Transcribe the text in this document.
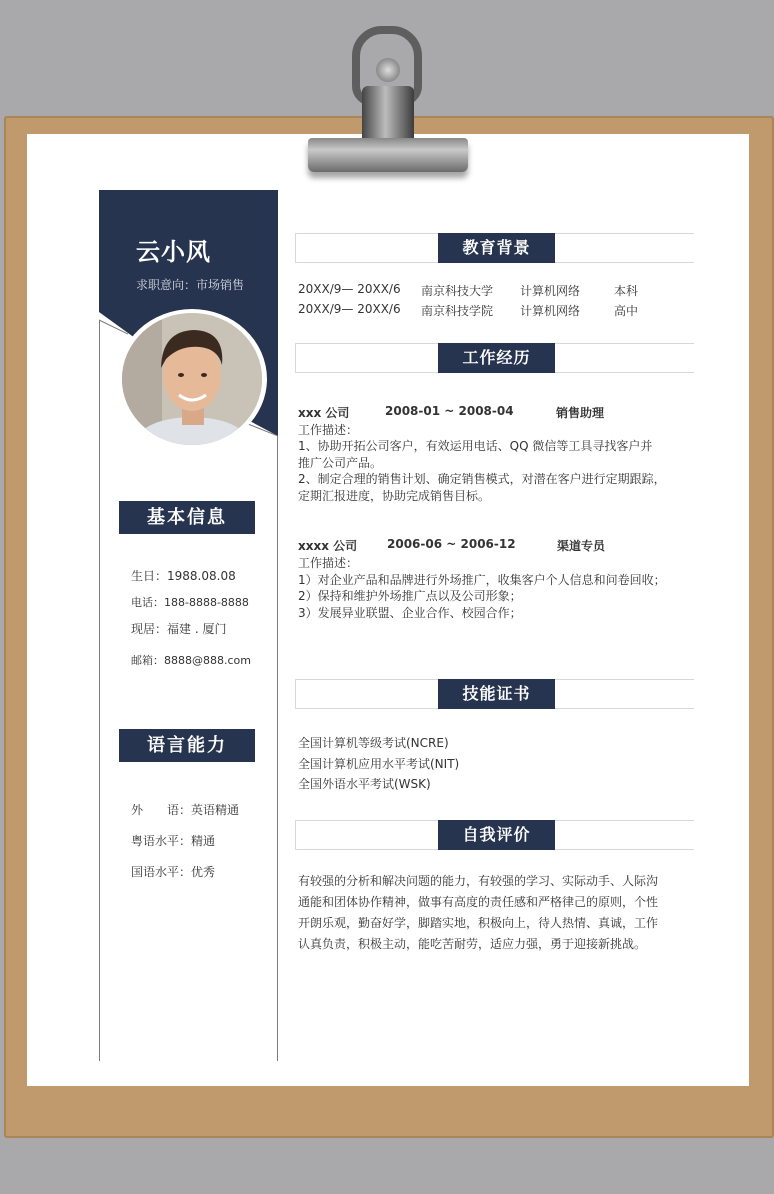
云小风
求职意向：市场销售
基本信息
生日：1988.08.08
电话：188-8888-8888
现居：福建 . 厦门
邮箱：8888@888.com
语言能力
外　　语：英语精通
粤语水平：精通
国语水平：优秀
教育背景
20XX/9— 20XX/6 南京科技大学 计算机网络	本科
20XX/9— 20XX/6 南京科技学院 计算机网络	高中
工作经历
xxx 公司	2008-01 ~ 2008-04	销售助理
工作描述：
1、协助开拓公司客户，有效运用电话、QQ 微信等工具寻找客户并
推广公司产品。
2、制定合理的销售计划、确定销售模式，对潜在客户进行定期跟踪，
定期汇报进度，协助完成销售目标。
xxxx 公司 2006-06 ~ 2006-12	渠道专员
工作描述：
1）对企业产品和品牌进行外场推广，收集客户个人信息和问卷回收；
2）保持和维护外场推广点以及公司形象；
3）发展异业联盟、企业合作、校园合作；
技能证书
全国计算机等级考试(NCRE)
全国计算机应用水平考试(NIT)
全国外语水平考试(WSK)
自我评价
有较强的分析和解决问题的能力，有较强的学习、实际动手、人际沟
通能和团体协作精神，做事有高度的责任感和严格律己的原则，个性
开朗乐观，勤奋好学，脚踏实地，积极向上，待人热情、真诚，工作
认真负责，积极主动，能吃苦耐劳，适应力强，勇于迎接新挑战。
